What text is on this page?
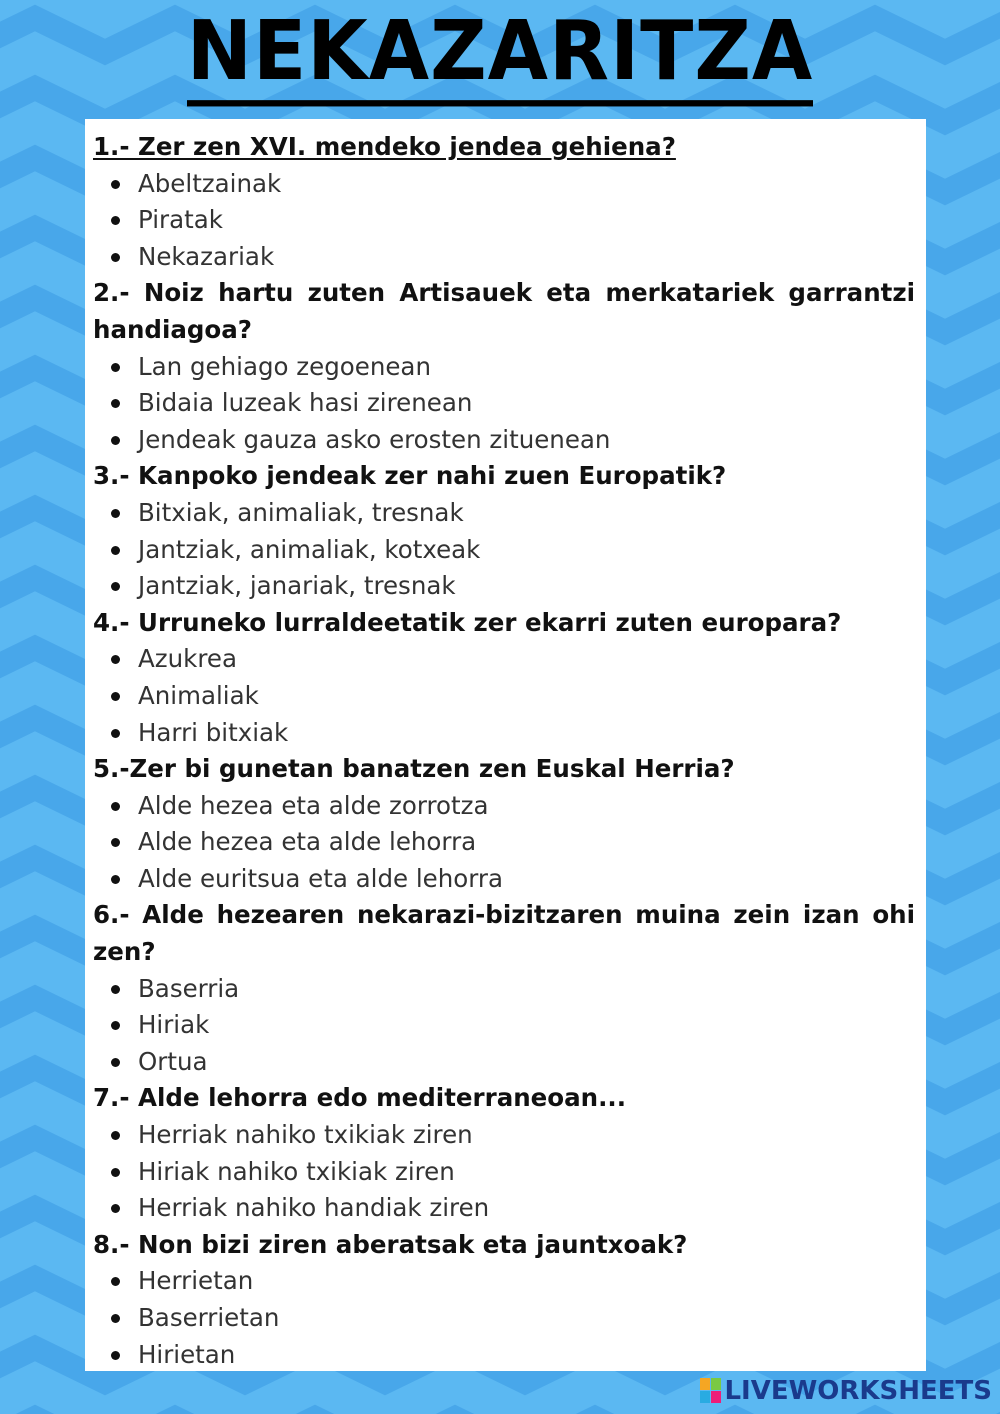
NEKAZARITZA

1.- Zer zen XVI. mendeko jendea gehiena?

Abeltzainak
Piratak
Nekazariak

2.- Noiz hartu zuten Artisauek eta merkatariek garrantzi handiagoa?

Lan gehiago zegoenean
Bidaia luzeak hasi zirenean
Jendeak gauza asko erosten zituenean

3.- Kanpoko jendeak zer nahi zuen Europatik?

Bitxiak, animaliak, tresnak
Jantziak, animaliak, kotxeak
Jantziak, janariak, tresnak

4.- Urruneko lurraldeetatik zer ekarri zuten europara?

Azukrea
Animaliak
Harri bitxiak

5.-Zer bi gunetan banatzen zen Euskal Herria?

Alde hezea eta alde zorrotza
Alde hezea eta alde lehorra
Alde euritsua eta alde lehorra

6.- Alde hezearen nekarazi-bizitzaren muina zein izan ohi zen?

Baserria
Hiriak
Ortua

7.- Alde lehorra edo mediterraneoan...

Herriak nahiko txikiak ziren
Hiriak nahiko txikiak ziren
Herriak nahiko handiak ziren

8.- Non bizi ziren aberatsak eta jauntxoak?

Herrietan
Baserrietan
Hirietan
LIVEWORKSHEETS
